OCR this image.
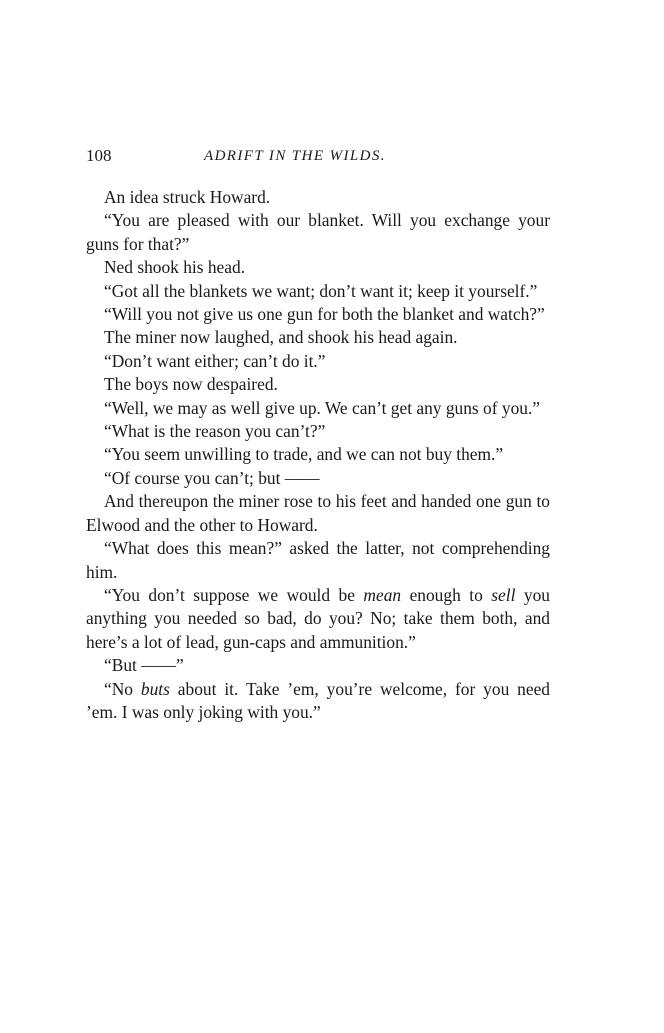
108	ADRIFT IN THE WILDS.

An idea struck Howard.

“You are pleased with our blanket. Will you exchange your guns for that?”

Ned shook his head.

“Got all the blankets we want; don’t want it; keep it yourself.”

“Will you not give us one gun for both the blanket and watch?”

The miner now laughed, and shook his head again.

“Don’t want either; can’t do it.”

The boys now despaired.

“Well, we may as well give up. We can’t get any guns of you.”

“What is the reason you can’t?”

“You seem unwilling to trade, and we can not buy them.”

“Of course you can’t; but ——

And thereupon the miner rose to his feet and handed one gun to Elwood and the other to Howard.

“What does this mean?” asked the latter, not comprehending him.

“You don’t suppose we would be mean enough to sell you anything you needed so bad, do you? No; take them both, and here’s a lot of lead, gun-caps and ammunition.”

“But ——”

“No buts about it. Take ’em, you’re welcome, for you need ’em. I was only joking with you.”
